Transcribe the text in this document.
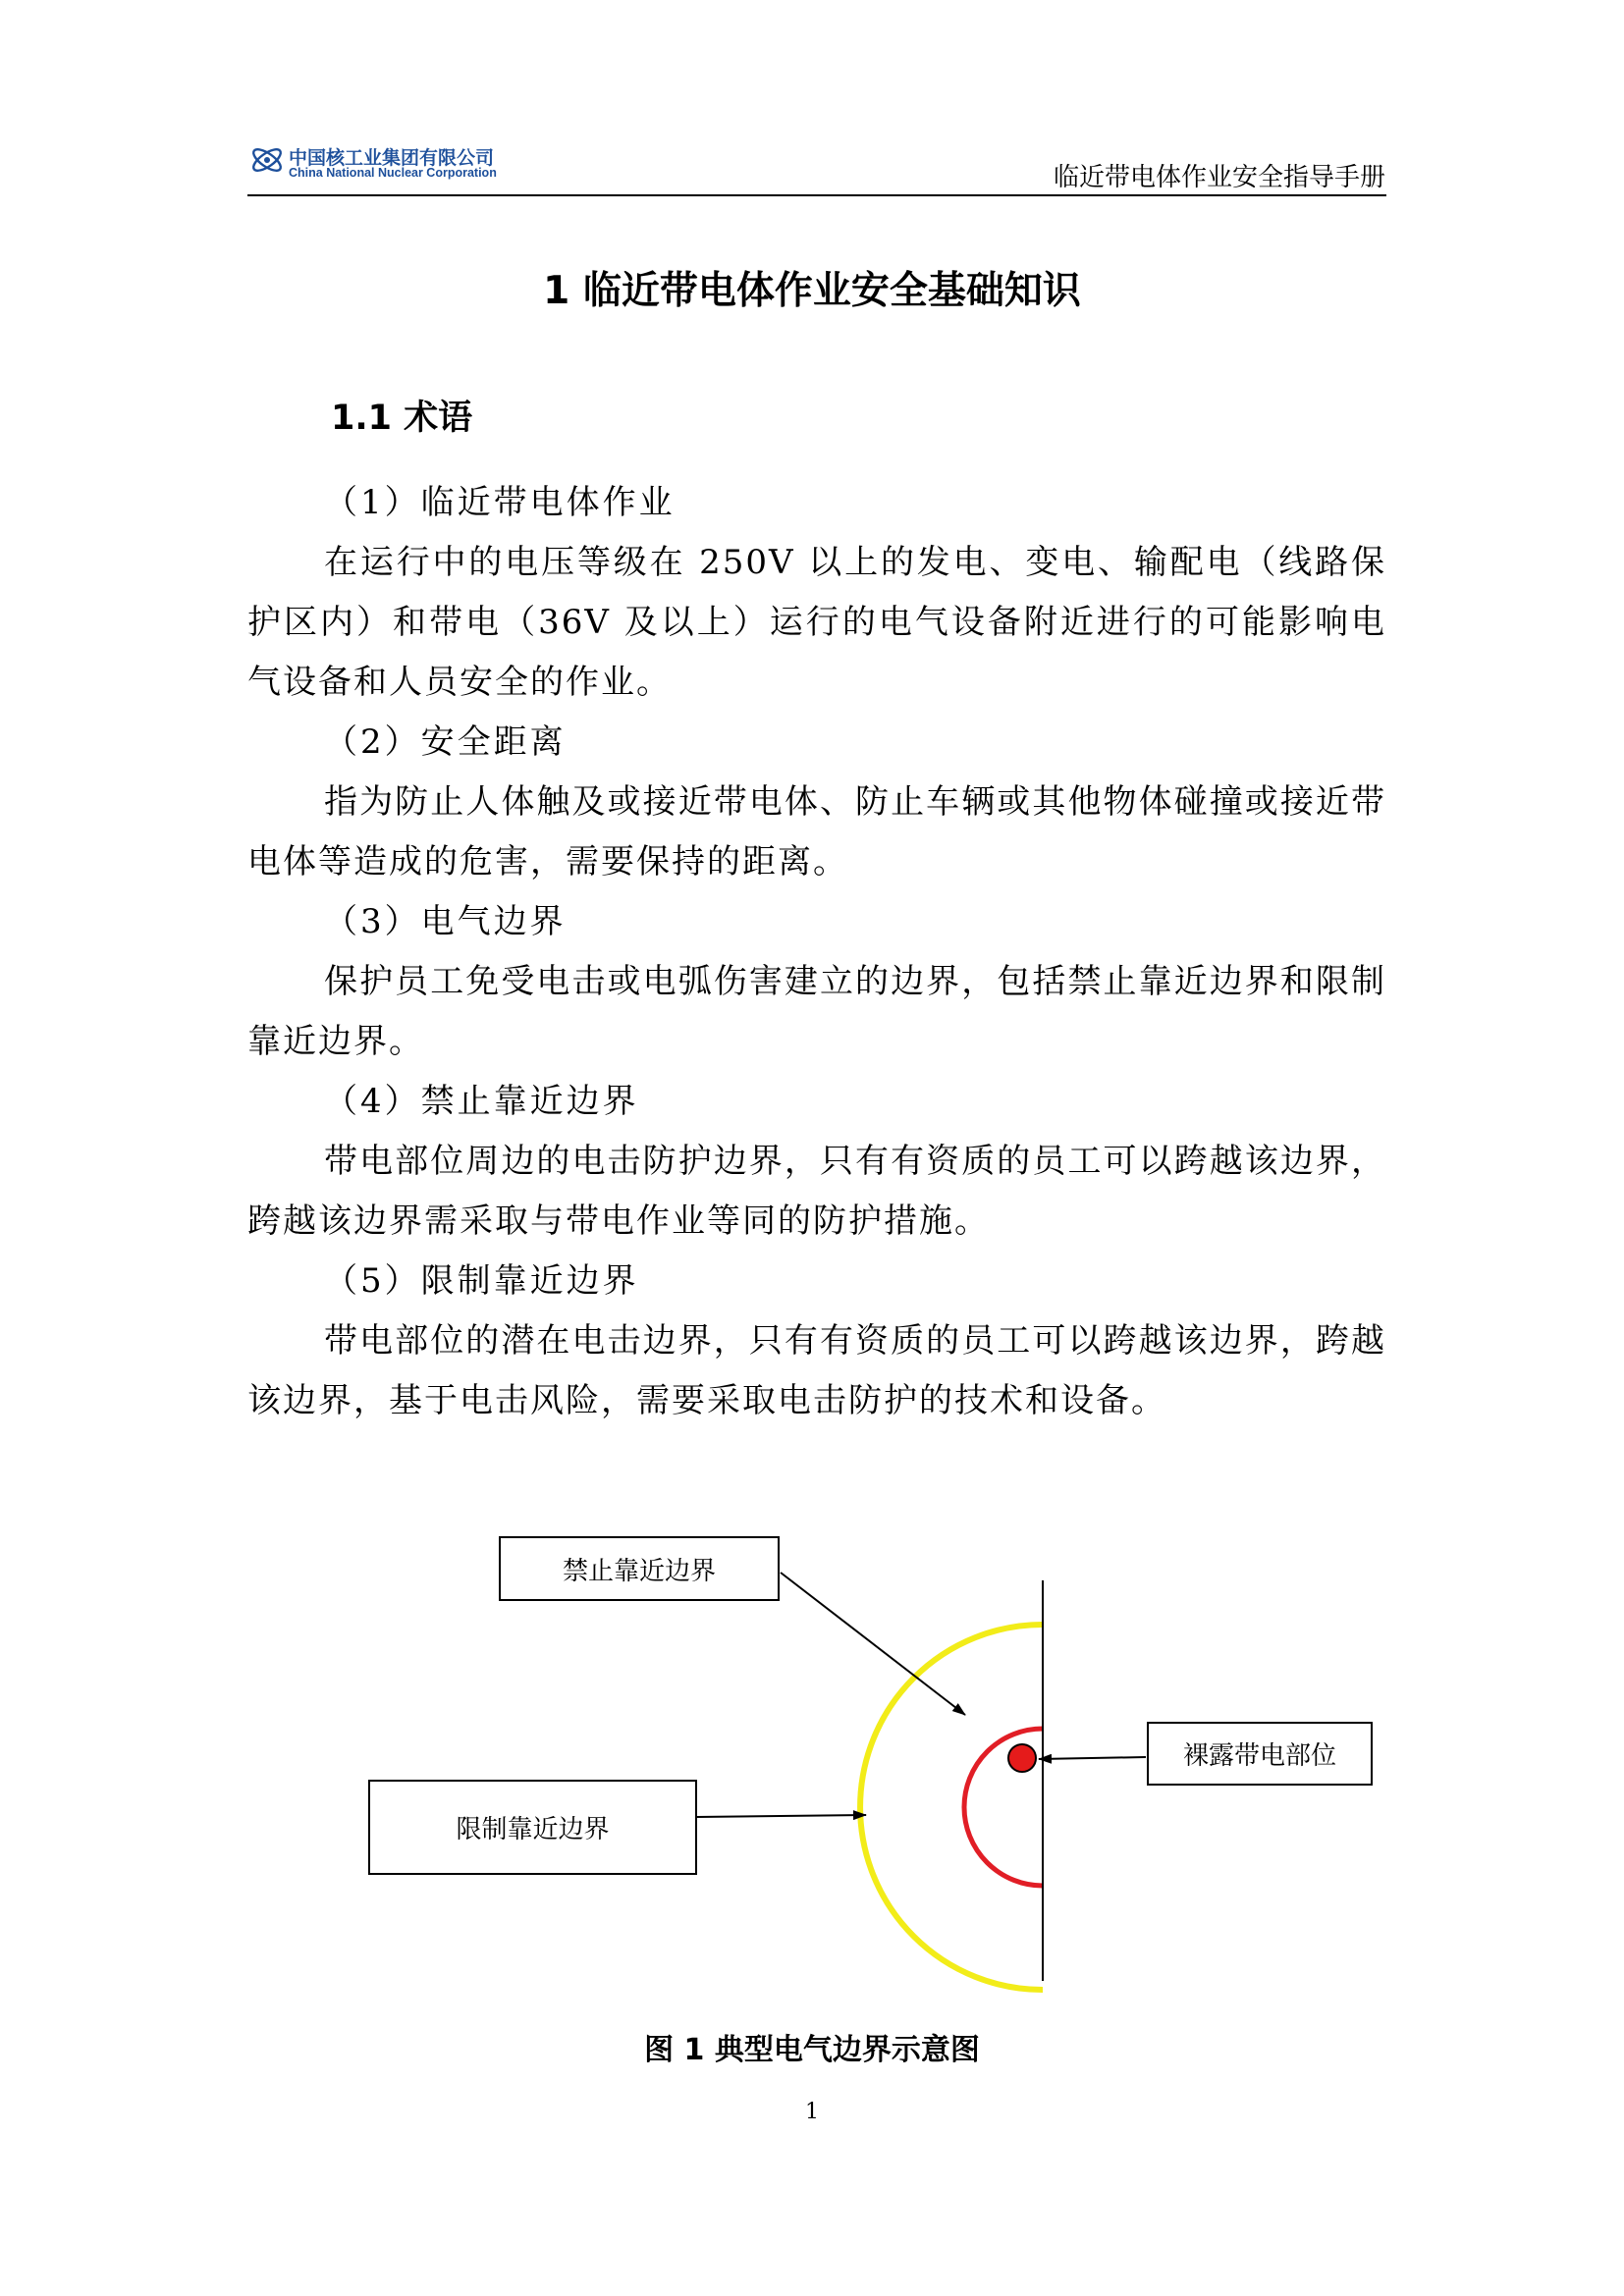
中国核工业集团有限公司
China National Nuclear Corporation	临近带电体作业安全指导手册
1 临近带电体作业安全基础知识
1.1 术语

（1）临近带电体作业

在运行中的电压等级在 250V 以上的发电、变电、输配电（线路保护区内）和带电（36V 及以上）运行的电气设备附近进行的可能影响电气设备和人员安全的作业。

（2）安全距离

指为防止人体触及或接近带电体、防止车辆或其他物体碰撞或接近带电体等造成的危害，需要保持的距离。

（3）电气边界

保护员工免受电击或电弧伤害建立的边界，包括禁止靠近边界和限制靠近边界。

（4）禁止靠近边界

带电部位周边的电击防护边界，只有有资质的员工可以跨越该边界，跨越该边界需采取与带电作业等同的防护措施。

（5）限制靠近边界

带电部位的潜在电击边界，只有有资质的员工可以跨越该边界，跨越该边界，基于电击风险，需要采取电击防护的技术和设备。

禁止靠近边界
裸露带电部位
限制靠近边界
图 1 典型电气边界示意图
1
